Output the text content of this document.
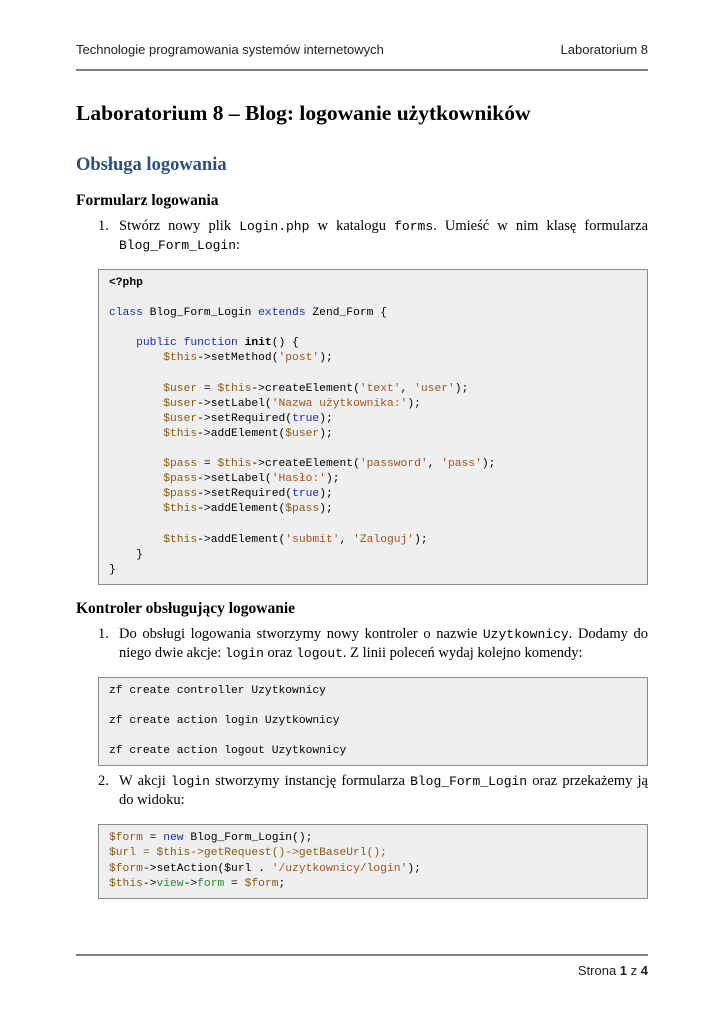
Technologie programowania systemów internetowych	Laboratorium 8
Laboratorium 8 – Blog: logowanie użytkowników
Obsługa logowania
Formularz logowania
1. Stwórz nowy plik Login.php w katalogu forms. Umieść w nim klasę formularza Blog_Form_Login:
<?php

class Blog_Form_Login extends Zend_Form {

public function init() {
$this->setMethod('post');

$user = $this->createElement('text', 'user');
$user->setLabel('Nazwa użytkownika:');
$user->setRequired(true);
$this->addElement($user);

$pass = $this->createElement('password', 'pass');
$pass->setLabel('Hasło:');
$pass->setRequired(true);
$this->addElement($pass);

$this->addElement('submit', 'Zaloguj');
}
}
Kontroler obsługujący logowanie
1. Do obsługi logowania stworzymy nowy kontroler o nazwie Uzytkownicy. Dodamy do niego dwie akcje: login oraz logout. Z linii poleceń wydaj kolejno komendy:
zf create controller Uzytkownicy

zf create action login Uzytkownicy

zf create action logout Uzytkownicy
2. W akcji login stworzymy instancję formularza Blog_Form_Login oraz przekażemy ją do widoku:
$form = new Blog_Form_Login();
$url = $this->getRequest()->getBaseUrl();
$form->setAction($url . '/uzytkownicy/login');
$this->view->form = $form;
Strona 1 z 4
